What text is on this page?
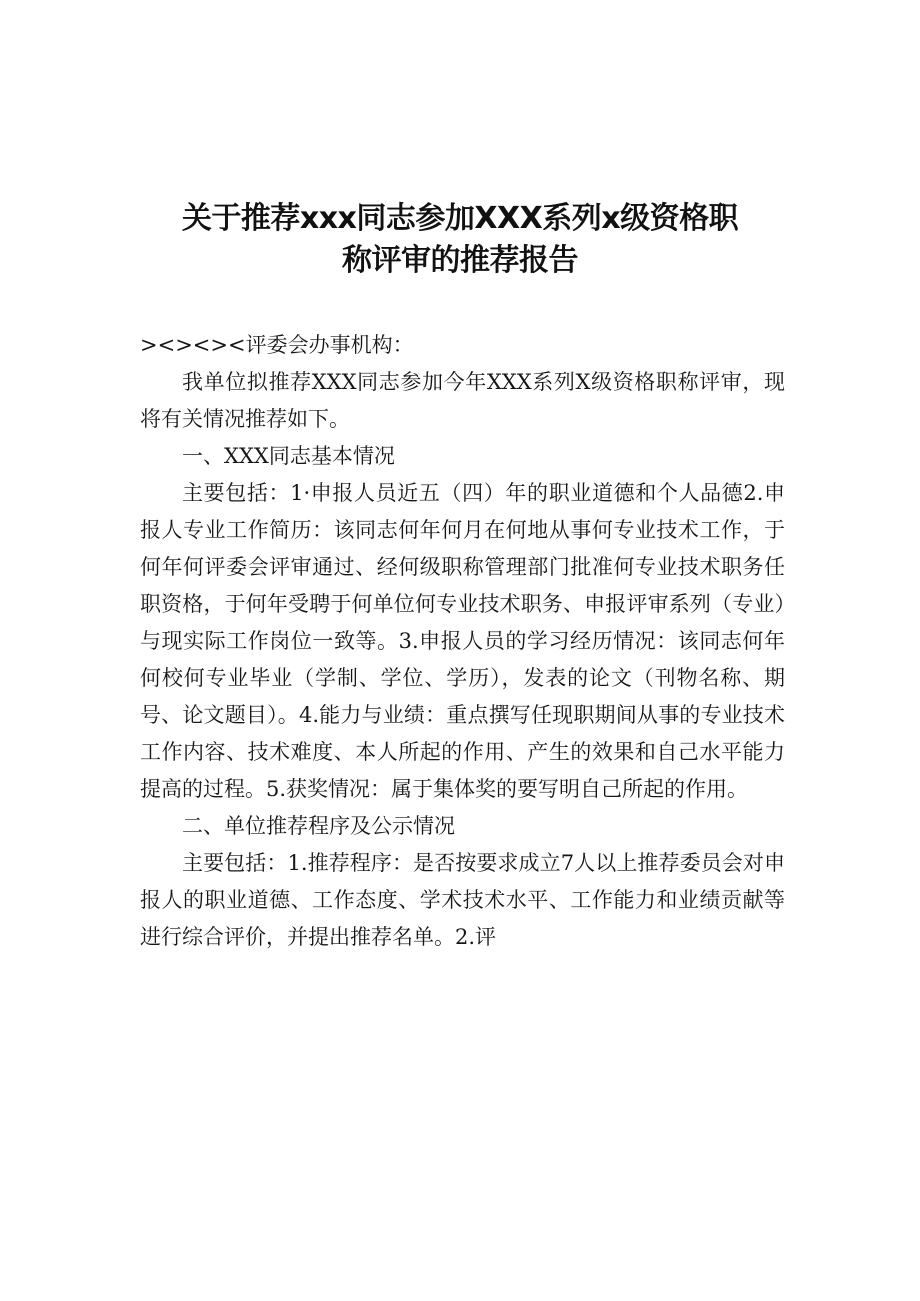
关于推荐xxx同志参加XXX系列x级资格职
称评审的推荐报告

><><><评委会办事机构：

我单位拟推荐XXX同志参加今年XXX系列X级资格职称评审，现将有关情况推荐如下。

一、XXX同志基本情况

主要包括：1·申报人员近五（四）年的职业道德和个人品德2.申报人专业工作简历：该同志何年何月在何地从事何专业技术工作，于何年何评委会评审通过、经何级职称管理部门批准何专业技术职务任职资格，于何年受聘于何单位何专业技术职务、申报评审系列（专业）与现实际工作岗位一致等。3.申报人员的学习经历情况：该同志何年何校何专业毕业（学制、学位、学历），发表的论文（刊物名称、期号、论文题目）。4.能力与业绩：重点撰写任现职期间从事的专业技术工作内容、技术难度、本人所起的作用、产生的效果和自己水平能力提高的过程。5.获奖情况：属于集体奖的要写明自己所起的作用。

二、单位推荐程序及公示情况

主要包括：1.推荐程序：是否按要求成立7人以上推荐委员会对申报人的职业道德、工作态度、学术技术水平、工作能力和业绩贡献等进行综合评价，并提出推荐名单。2.评
